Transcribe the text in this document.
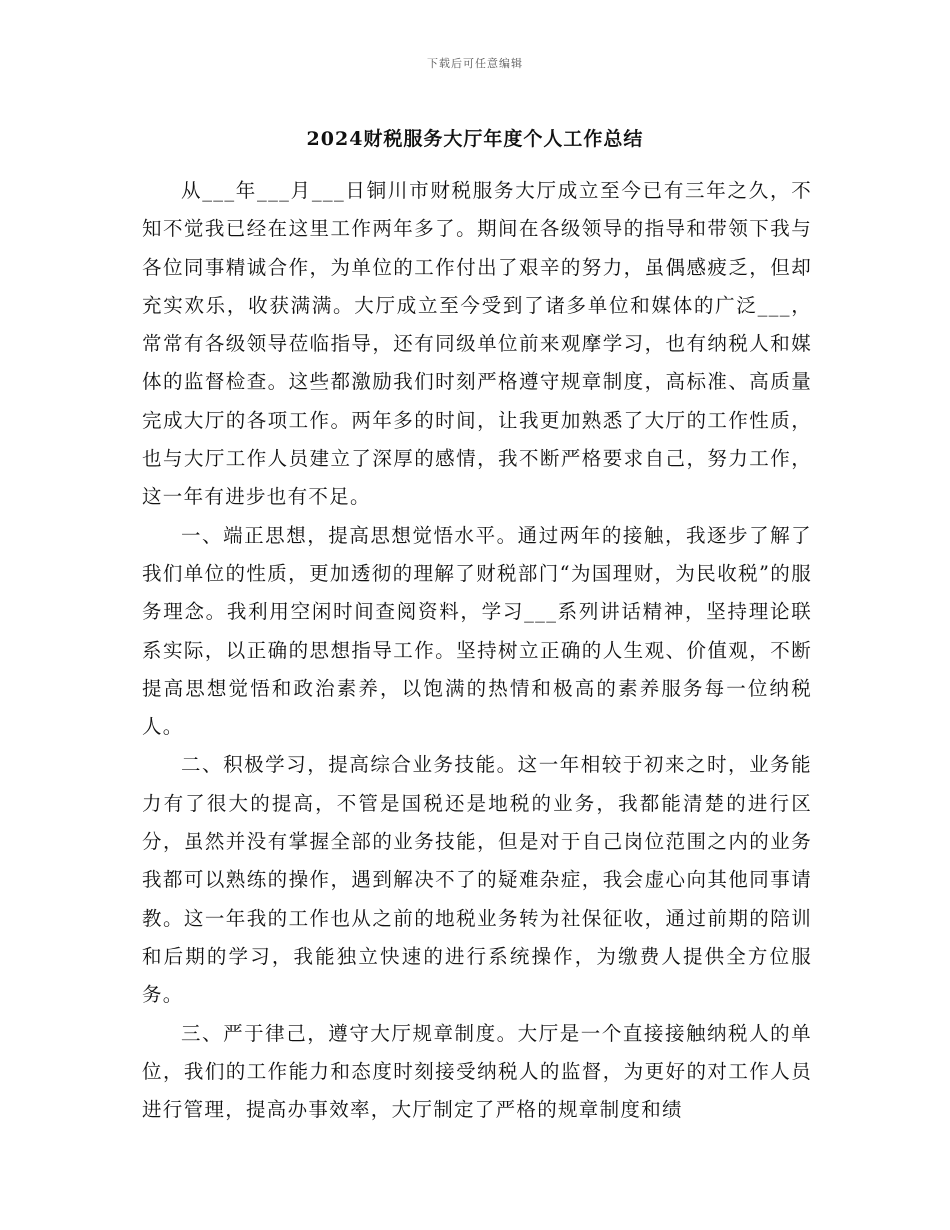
下载后可任意编辑
2024财税服务大厅年度个人工作总结

从___年___月___日铜川市财税服务大厅成立至今已有三年之久，不知不觉我已经在这里工作两年多了。期间在各级领导的指导和带领下我与各位同事精诚合作，为单位的工作付出了艰辛的努力，虽偶感疲乏，但却充实欢乐，收获满满。大厅成立至今受到了诸多单位和媒体的广泛___，常常有各级领导莅临指导，还有同级单位前来观摩学习，也有纳税人和媒体的监督检查。这些都激励我们时刻严格遵守规章制度，高标准、高质量完成大厅的各项工作。两年多的时间，让我更加熟悉了大厅的工作性质，也与大厅工作人员建立了深厚的感情，我不断严格要求自己，努力工作，这一年有进步也有不足。

一、端正思想，提高思想觉悟水平。通过两年的接触，我逐步了解了我们单位的性质，更加透彻的理解了财税部门“为国理财，为民收税”的服务理念。我利用空闲时间查阅资料，学习___系列讲话精神，坚持理论联系实际，以正确的思想指导工作。坚持树立正确的人生观、价值观，不断提高思想觉悟和政治素养，以饱满的热情和极高的素养服务每一位纳税人。

二、积极学习，提高综合业务技能。这一年相较于初来之时，业务能力有了很大的提高，不管是国税还是地税的业务，我都能清楚的进行区分，虽然并没有掌握全部的业务技能，但是对于自己岗位范围之内的业务我都可以熟练的操作，遇到解决不了的疑难杂症，我会虚心向其他同事请教。这一年我的工作也从之前的地税业务转为社保征收，通过前期的陪训和后期的学习，我能独立快速的进行系统操作，为缴费人提供全方位服务。

三、严于律己，遵守大厅规章制度。大厅是一个直接接触纳税人的单位，我们的工作能力和态度时刻接受纳税人的监督，为更好的对工作人员进行管理，提高办事效率，大厅制定了严格的规章制度和绩
